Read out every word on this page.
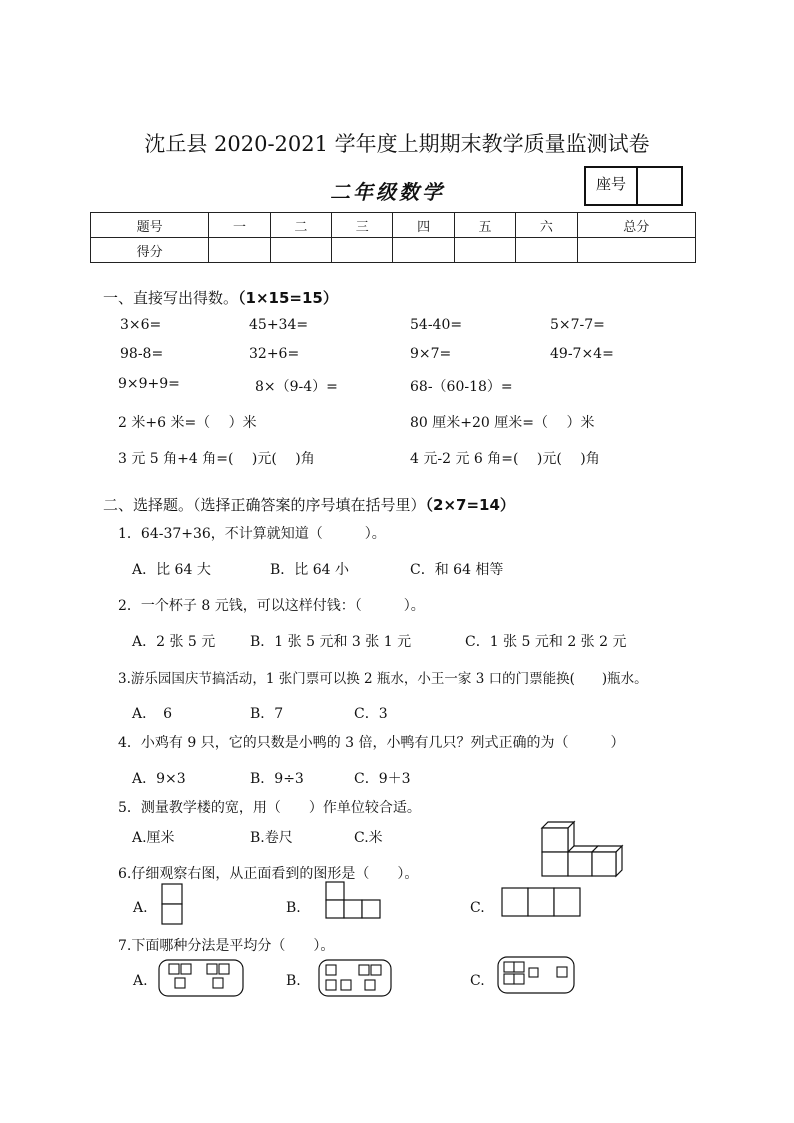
沈丘县 2020-2021 学年度上期期末教学质量监测试卷
二年级数学	座号
题号	一	二	三	四	五	六	总分
得分							
一、直接写出得数。（1×15=15）
3×6=	45+34=	54-40=	5×7-7=
98-8=	32+6=	9×7=	49-7×4=
9×9+9=	8×（9-4）=	68-（60-18）=
2 米+6 米=（　 ）米	80 厘米+20 厘米=（　 ）米
3 元 5 角+4 角=(　 )元(　 )角	4 元-2 元 6 角=(　 )元(　 )角
二、选择题。（选择正确答案的序号填在括号里）（2×7=14）
1．64-37+36，不计算就知道（　　　）。
A．比 64 大	B．比 64 小	C．和 64 相等
2．一个杯子 8 元钱，可以这样付钱：（　　　）。
A．2 张 5 元 B．1 张 5 元和 3 张 1 元	C．1 张 5 元和 2 张 2 元
3.游乐园国庆节搞活动，1 张门票可以换 2 瓶水，小王一家 3 口的门票能换(　　)瓶水。
A．　6	B．7	C．3
4．小鸡有 9 只，它的只数是小鸭的 3 倍，小鸭有几只？列式正确的为（　　　）
A．9×3	B．9÷3	C．9＋3
5．测量教学楼的宽，用（　　）作单位较合适。
A.厘米	B.卷尺	C.米
6.仔细观察右图，从正面看到的图形是（　　）。
A.	B.	C.
7.下面哪种分法是平均分（　　）。
A.	B.	C.
